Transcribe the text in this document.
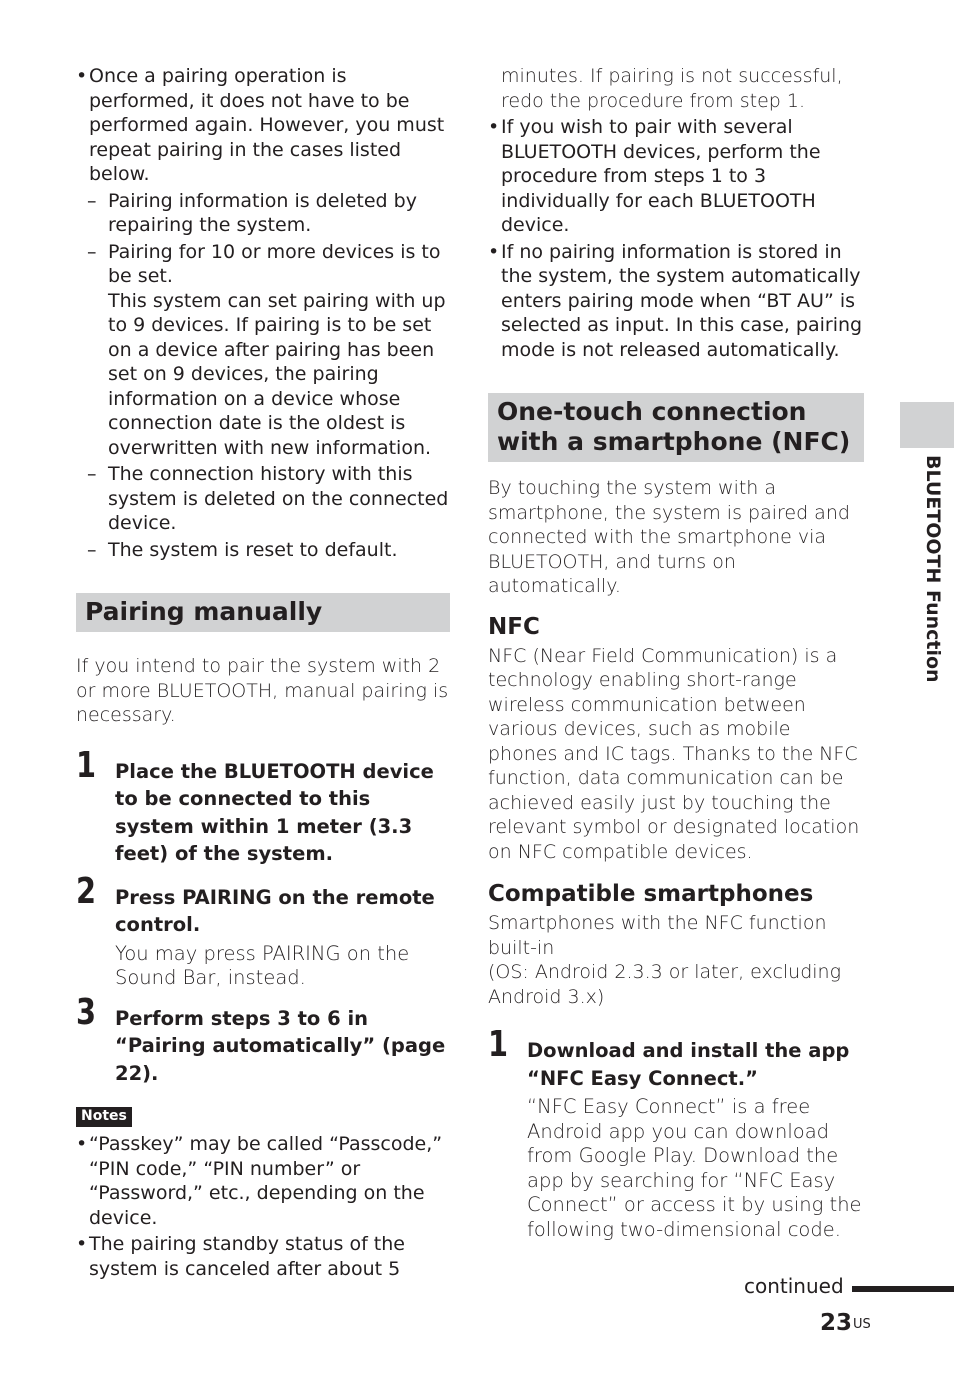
• Once a pairing operation is performed, it does not have to be performed again. However, you must repeat pairing in the cases listed below.
– Pairing information is deleted by repairing the system.
– Pairing for 10 or more devices is to be set.
This system can set pairing with up to 9 devices. If pairing is to be set on a device after pairing has been set on 9 devices, the pairing information on a device whose connection date is the oldest is overwritten with new information.
– The connection history with this system is deleted on the connected device.
– The system is reset to default.
Pairing manually

If you intend to pair the system with 2 or more BLUETOOTH, manual pairing is necessary.

1 Place the BLUETOOTH device to be connected to this system within 1 meter (3.3 feet) of the system.
2 Press PAIRING on the remote control.
You may press PAIRING on the Sound Bar, instead.
3 Perform steps 3 to 6 in “Pairing automatically” (page 22).
Notes
• “Passkey” may be called “Passcode,” “PIN code,” “PIN number” or “Password,” etc., depending on the device.
• The pairing standby status of the system is canceled after about 5

minutes. If pairing is not successful, redo the procedure from step 1.

• If you wish to pair with several BLUETOOTH devices, perform the procedure from steps 1 to 3 individually for each BLUETOOTH device.
• If no pairing information is stored in the system, the system automatically enters pairing mode when “BT AU” is selected as input. In this case, pairing mode is not released automatically.
One-touch connection with a smartphone (NFC)

By touching the system with a smartphone, the system is paired and connected with the smartphone via BLUETOOTH, and turns on automatically.

NFC

NFC (Near Field Communication) is a technology enabling short-range wireless communication between various devices, such as mobile phones and IC tags. Thanks to the NFC function, data communication can be achieved easily just by touching the relevant symbol or designated location on NFC compatible devices.

Compatible smartphones

Smartphones with the NFC function built-in

(OS: Android 2.3.3 or later, excluding Android 3.x)

1 Download and install the app “NFC Easy Connect.”
“NFC Easy Connect” is a free Android app you can download from Google Play. Download the app by searching for “NFC Easy Connect” or access it by using the following two-dimensional code.
BLUETOOTH Function
continued
$23^{US}$
